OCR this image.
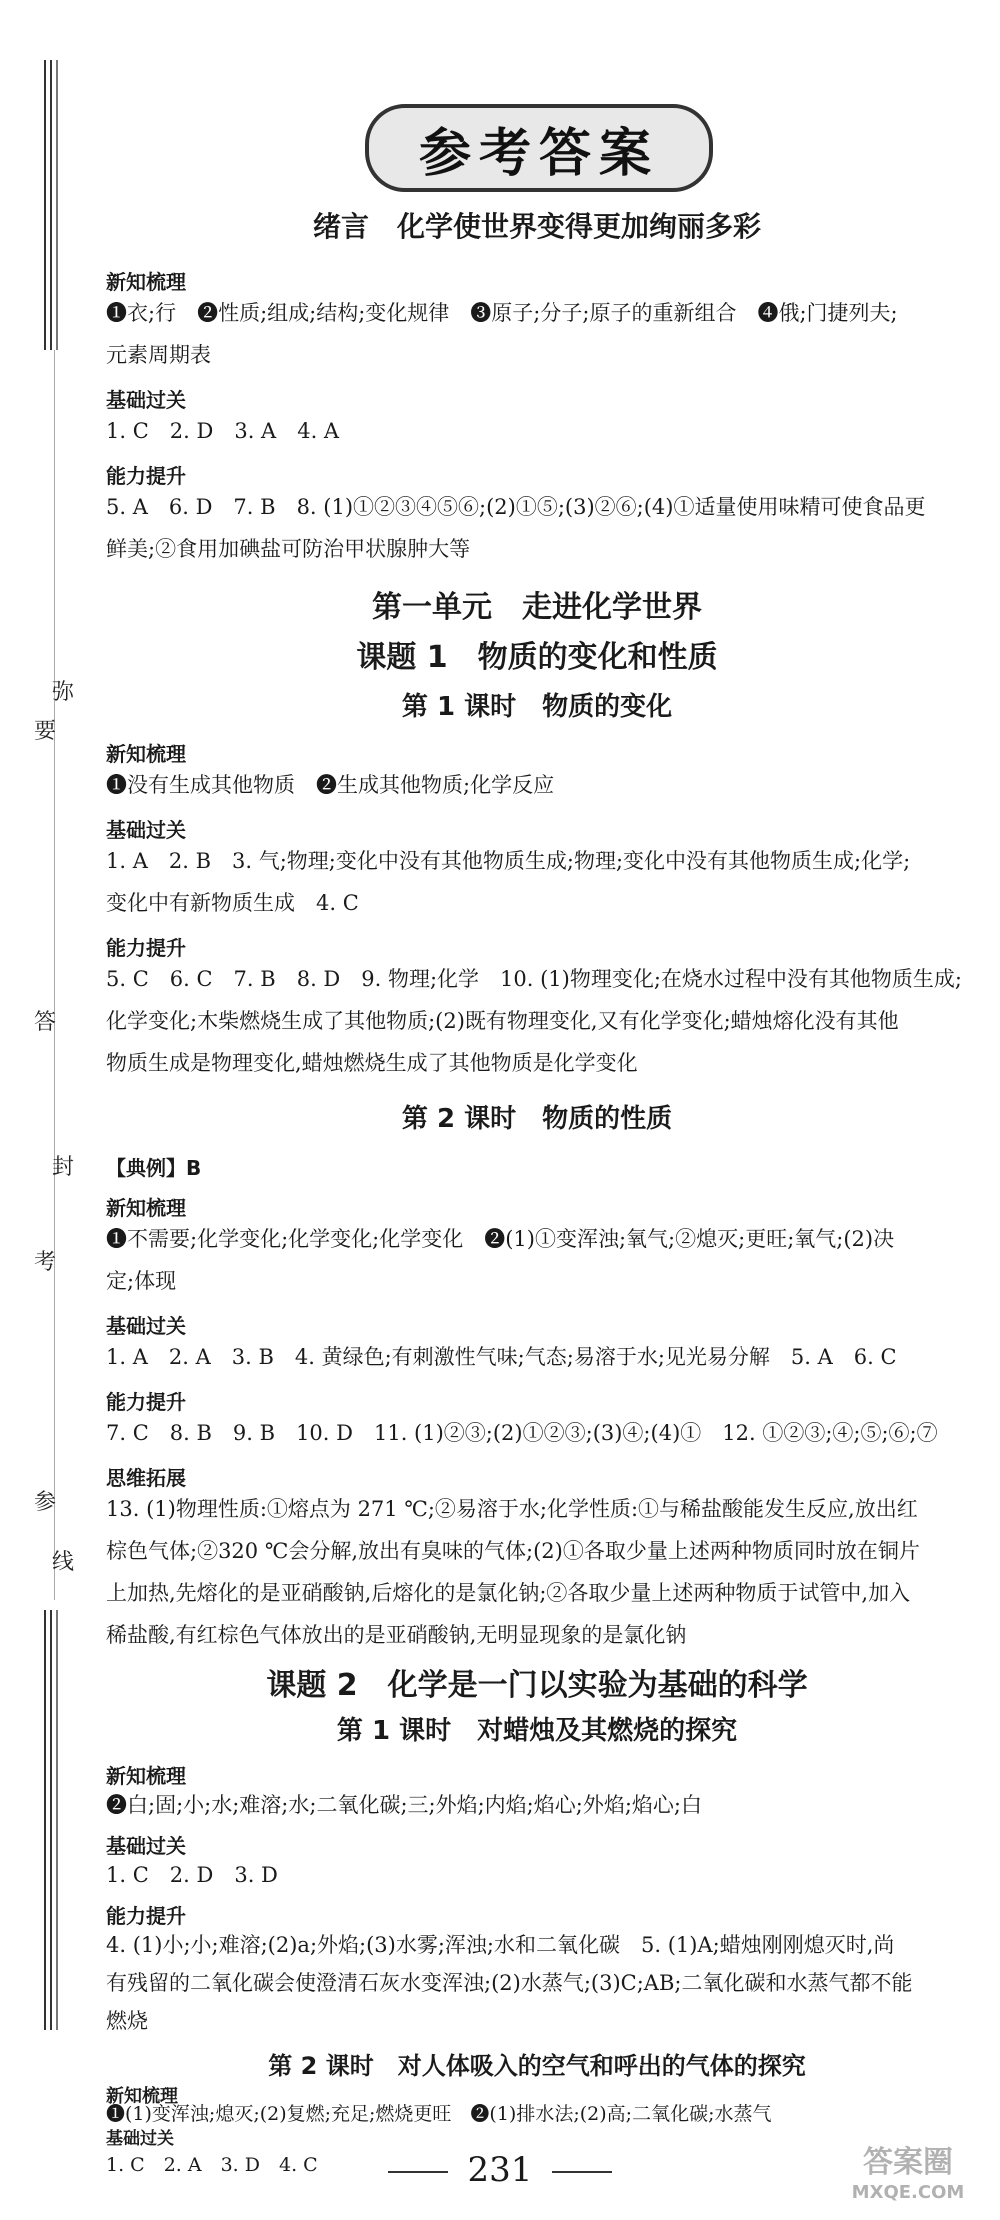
弥
要
答
封
考
参
线
参考答案
绪言　化学使世界变得更加绚丽多彩
新知梳理
❶衣;行　❷性质;组成;结构;变化规律　❸原子;分子;原子的重新组合　❹俄;门捷列夫;
元素周期表
基础过关
1. C　2. D　3. A　4. A
能力提升
5. A　6. D　7. B　8. (1)①②③④⑤⑥;(2)①⑤;(3)②⑥;(4)①适量使用味精可使食品更
鲜美;②食用加碘盐可防治甲状腺肿大等
第一单元　走进化学世界
课题 1　物质的变化和性质
第 1 课时　物质的变化
新知梳理
❶没有生成其他物质　❷生成其他物质;化学反应
基础过关
1. A　2. B　3. 气;物理;变化中没有其他物质生成;物理;变化中没有其他物质生成;化学;
变化中有新物质生成　4. C
能力提升
5. C　6. C　7. B　8. D　9. 物理;化学　10. (1)物理变化;在烧水过程中没有其他物质生成;
化学变化;木柴燃烧生成了其他物质;(2)既有物理变化,又有化学变化;蜡烛熔化没有其他
物质生成是物理变化,蜡烛燃烧生成了其他物质是化学变化
第 2 课时　物质的性质
【典例】B
新知梳理
❶不需要;化学变化;化学变化;化学变化　❷(1)①变浑浊;氧气;②熄灭;更旺;氧气;(2)决
定;体现
基础过关
1. A　2. A　3. B　4. 黄绿色;有刺激性气味;气态;易溶于水;见光易分解　5. A　6. C
能力提升
7. C　8. B　9. B　10. D　11. (1)②③;(2)①②③;(3)④;(4)①　12. ①②③;④;⑤;⑥;⑦
思维拓展
13. (1)物理性质:①熔点为 271 ℃;②易溶于水;化学性质:①与稀盐酸能发生反应,放出红
棕色气体;②320 ℃会分解,放出有臭味的气体;(2)①各取少量上述两种物质同时放在铜片
上加热,先熔化的是亚硝酸钠,后熔化的是氯化钠;②各取少量上述两种物质于试管中,加入
稀盐酸,有红棕色气体放出的是亚硝酸钠,无明显现象的是氯化钠
课题 2　化学是一门以实验为基础的科学
第 1 课时　对蜡烛及其燃烧的探究
新知梳理
❷白;固;小;水;难溶;水;二氧化碳;三;外焰;内焰;焰心;外焰;焰心;白
基础过关
1. C　2. D　3. D
能力提升
4. (1)小;小;难溶;(2)a;外焰;(3)水雾;浑浊;水和二氧化碳　5. (1)A;蜡烛刚刚熄灭时,尚
有残留的二氧化碳会使澄清石灰水变浑浊;(2)水蒸气;(3)C;AB;二氧化碳和水蒸气都不能
燃烧
第 2 课时　对人体吸入的空气和呼出的气体的探究
新知梳理
❶(1)变浑浊;熄灭;(2)复燃;充足;燃烧更旺　❷(1)排水法;(2)高;二氧化碳;水蒸气
基础过关
1. C　2. A　3. D　4. C	231	答案圈
MXQE.COM
